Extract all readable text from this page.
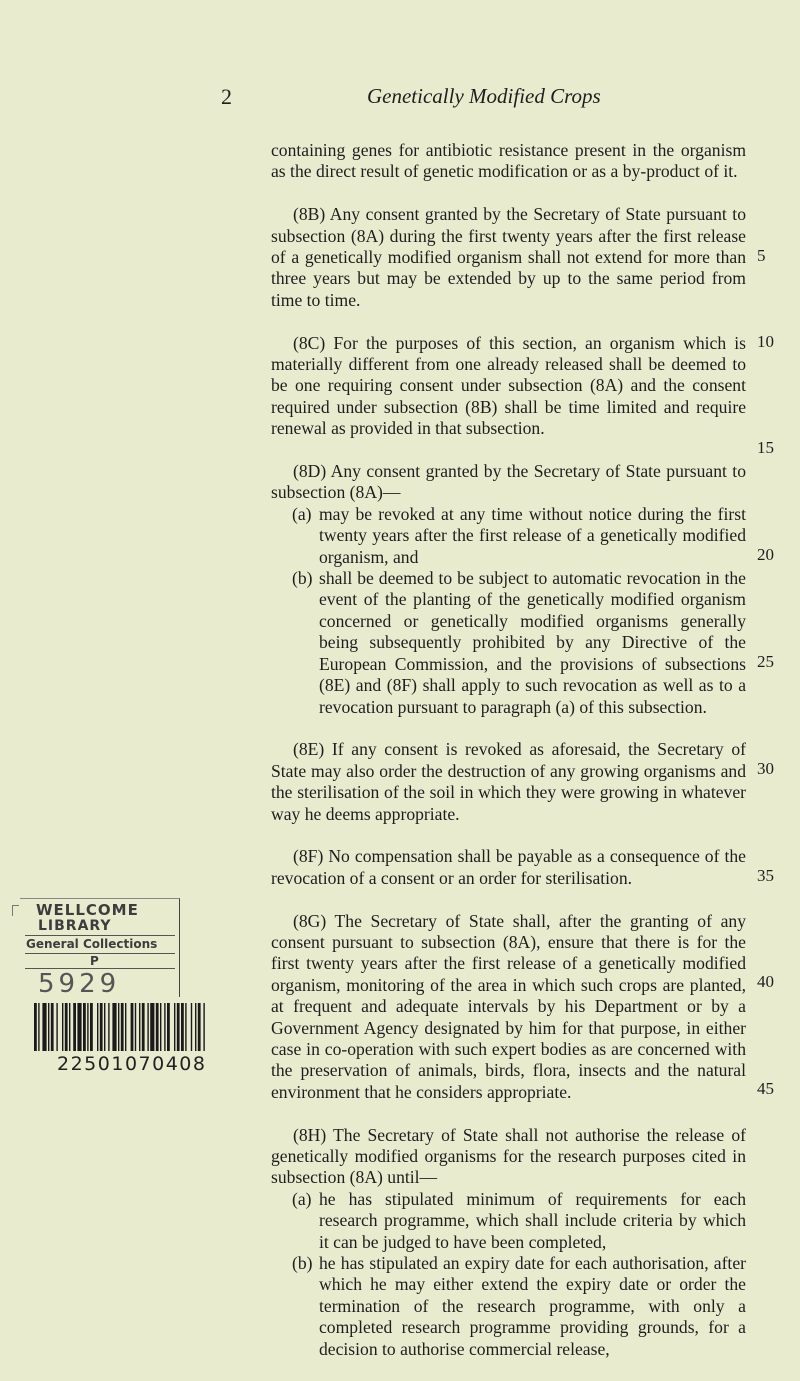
2	Genetically Modified Crops

containing genes for antibiotic resistance present in the organism as the direct result of genetic modification or as a by-product of it.

(8B) Any consent granted by the Secretary of State pursuant to subsection (8A) during the first twenty years after the first release of a genetically modified organism shall not extend for more than three years but may be extended by up to the same period from time to time.

(8C) For the purposes of this section, an organism which is materially different from one already released shall be deemed to be one requiring consent under subsection (8A) and the consent required under subsection (8B) shall be time limited and require renewal as provided in that subsection.

(8D) Any consent granted by the Secretary of State pursuant to subsection (8A)—

(a) may be revoked at any time without notice during the first twenty years after the first release of a genetically modified organism, and
(b) shall be deemed to be subject to automatic revocation in the event of the planting of the genetically modified organism concerned or genetically modified organisms generally being subsequently prohibited by any Directive of the European Commission, and the provisions of subsections (8E) and (8F) shall apply to such revocation as well as to a revocation pursuant to paragraph (a) of this subsection.

(8E) If any consent is revoked as aforesaid, the Secretary of State may also order the destruction of any growing organisms and the sterilisation of the soil in which they were growing in whatever way he deems appropriate.

(8F) No compensation shall be payable as a consequence of the revocation of a consent or an order for sterilisation.

(8G) The Secretary of State shall, after the granting of any consent pursuant to subsection (8A), ensure that there is for the first twenty years after the first release of a genetically modified organism, monitoring of the area in which such crops are planted, at frequent and adequate intervals by his Department or by a Government Agency designated by him for that purpose, in either case in co-operation with such expert bodies as are concerned with the preservation of animals, birds, flora, insects and the natural environment that he considers appropriate.

(8H) The Secretary of State shall not authorise the release of genetically modified organisms for the research purposes cited in subsection (8A) until—

(a) he has stipulated minimum of requirements for each research programme, which shall include criteria by which it can be judged to have been completed,
(b) he has stipulated an expiry date for each authorisation, after which he may either extend the expiry date or order the termination of the research programme, with only a completed research programme providing grounds, for a decision to authorise commercial release,
5
10
15
20
25
30
35
40
45
WELLCOME
LIBRARY
General Collections
P
5929
22501070408
